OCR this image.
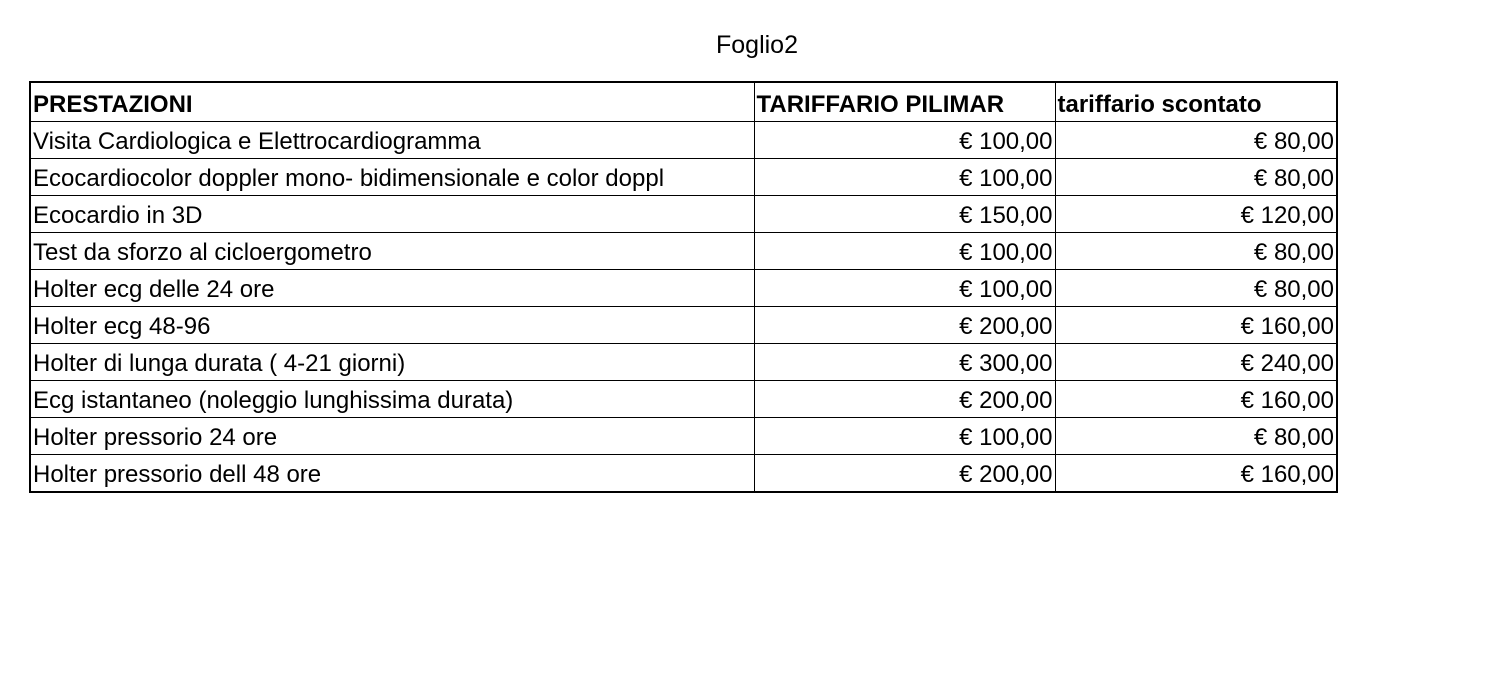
Foglio2
PRESTAZIONI	TARIFFARIO PILIMAR	tariffario scontato
Visita Cardiologica e Elettrocardiogramma	€ 100,00	€ 80,00
Ecocardiocolor doppler mono- bidimensionale e color doppl	€ 100,00	€ 80,00
Ecocardio in 3D	€ 150,00	€ 120,00
Test da sforzo al cicloergometro	€ 100,00	€ 80,00
Holter ecg delle 24 ore	€ 100,00	€ 80,00
Holter ecg 48-96	€ 200,00	€ 160,00
Holter di lunga durata ( 4-21 giorni)	€ 300,00	€ 240,00
Ecg istantaneo (noleggio lunghissima durata)	€ 200,00	€ 160,00
Holter pressorio 24 ore	€ 100,00	€ 80,00
Holter pressorio dell 48 ore	€ 200,00	€ 160,00
